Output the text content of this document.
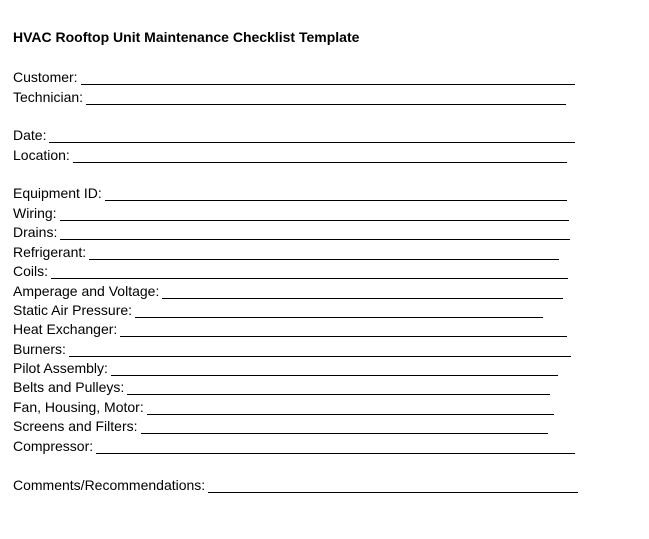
HVAC Rooftop Unit Maintenance Checklist Template
Customer:
Technician:
Date:
Location:
Equipment ID:
Wiring:
Drains:
Refrigerant:
Coils:
Amperage and Voltage:
Static Air Pressure:
Heat Exchanger:
Burners:
Pilot Assembly:
Belts and Pulleys:
Fan, Housing, Motor:
Screens and Filters:
Compressor:
Comments/Recommendations:
